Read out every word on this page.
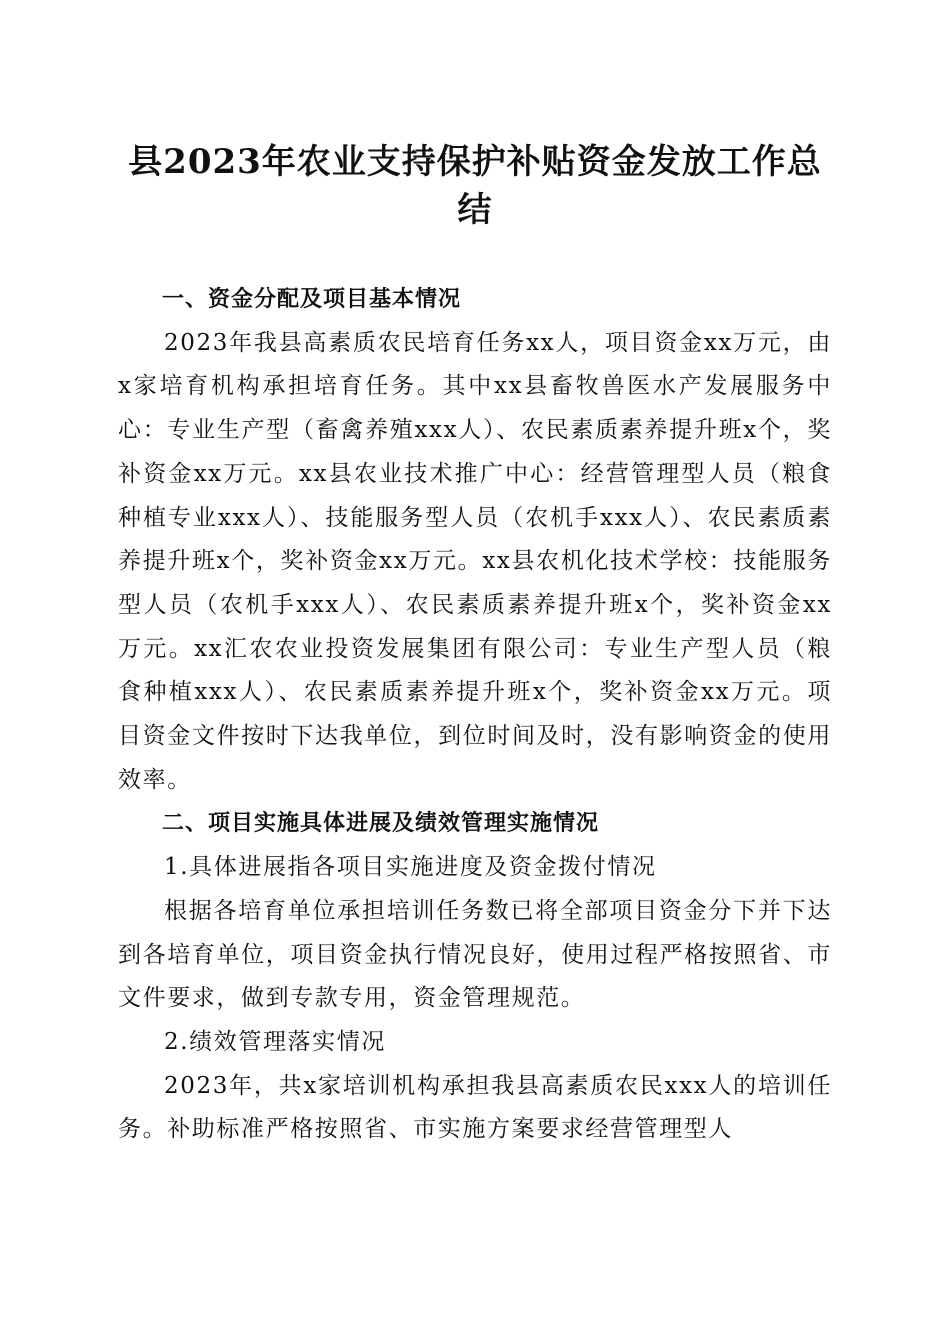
县2023年农业支持保护补贴资金发放工作总结

一、资金分配及项目基本情况

2023年我县高素质农民培育任务xx人，项目资金xx万元，由x家培育机构承担培育任务。其中xx县畜牧兽医水产发展服务中心：专业生产型（畜禽养殖xxx人）、农民素质素养提升班x个，奖补资金xx万元。xx县农业技术推广中心：经营管理型人员（粮食种植专业xxx人）、技能服务型人员（农机手xxx人）、农民素质素养提升班x个，奖补资金xx万元。xx县农机化技术学校：技能服务型人员（农机手xxx人）、农民素质素养提升班x个，奖补资金xx万元。xx汇农农业投资发展集团有限公司：专业生产型人员（粮食种植xxx人）、农民素质素养提升班x个，奖补资金xx万元。项目资金文件按时下达我单位，到位时间及时，没有影响资金的使用效率。

二、项目实施具体进展及绩效管理实施情况

1.具体进展指各项目实施进度及资金拨付情况

根据各培育单位承担培训任务数已将全部项目资金分下并下达到各培育单位，项目资金执行情况良好，使用过程严格按照省、市文件要求，做到专款专用，资金管理规范。

2.绩效管理落实情况

2023年，共x家培训机构承担我县高素质农民xxx人的培训任务。补助标准严格按照省、市实施方案要求经营管理型人
